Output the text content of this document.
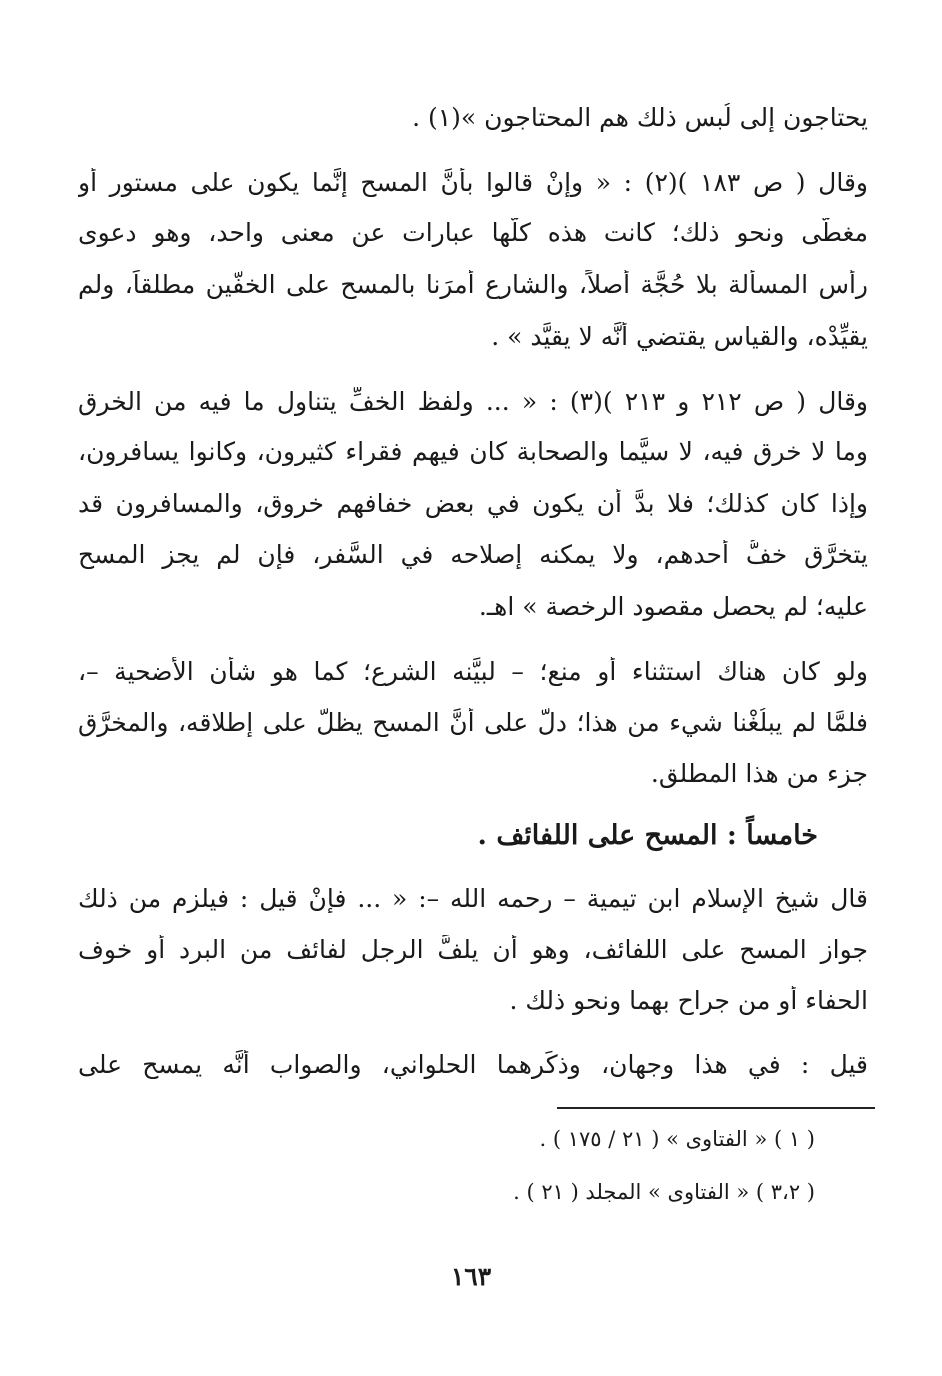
يحتاجون إلى لُبس ذلك هم المحتاجون »(١) .

وقال ( ص ١٨٣ )(٢) : « وإنْ قالوا بأنَّ المسح إنَّما يكون على مستور أو

مغطًّى ونحو ذلك؛ كانت هذه كلّها عبارات عن معنى واحد، وهو دعوى

رأس المسألة بلا حُجَّة أصلاً، والشارع أمرَنا بالمسح على الخفّين مطلقاً، ولم

يقيِّدْه، والقياس يقتضي أنَّه لا يقيَّد » .

وقال ( ص ٢١٢ و ٢١٣ )(٣) : « ... ولفظ الخفِّ يتناول ما فيه من الخرق

وما لا خرق فيه، لا سيَّما والصحابة كان فيهم فقراء كثيرون، وكانوا يسافرون،

وإذا كان كذلك؛ فلا بدَّ أن يكون في بعض خفافهم خروق، والمسافرون قد

يتخرَّق خفُّ أحدهم، ولا يمكنه إصلاحه في السَّفر، فإن لم يجز المسح

عليه؛ لم يحصل مقصود الرخصة » اهـ.

ولو كان هناك استثناء أو منع؛ – لبيَّنه الشرع؛ كما هو شأن الأضحية –،

فلمَّا لم يبلُغْنا شيء من هذا؛ دلَّ على أنَّ المسح يظلُّ على إطلاقه، والمخرَّق

جزء من هذا المطلق.

خامساً : المسح على اللفائف .

قال شيخ الإسلام ابن تيمية – رحمه الله –: « ... فإنْ قيل : فيلزم من ذلك

جواز المسح على اللفائف، وهو أن يلفَّ الرجل لفائف من البرد أو خوف

الحفاء أو من جراح بهما ونحو ذلك .

قيل : في هذا وجهان، وذكَرهما الحلواني، والصواب أنَّه يمسح على

( ١ ) « الفتاوى » ( ٢١ / ١٧٥ ) .

( ٣،٢ ) « الفتاوى » المجلد ( ٢١ ) .

١٦٣
